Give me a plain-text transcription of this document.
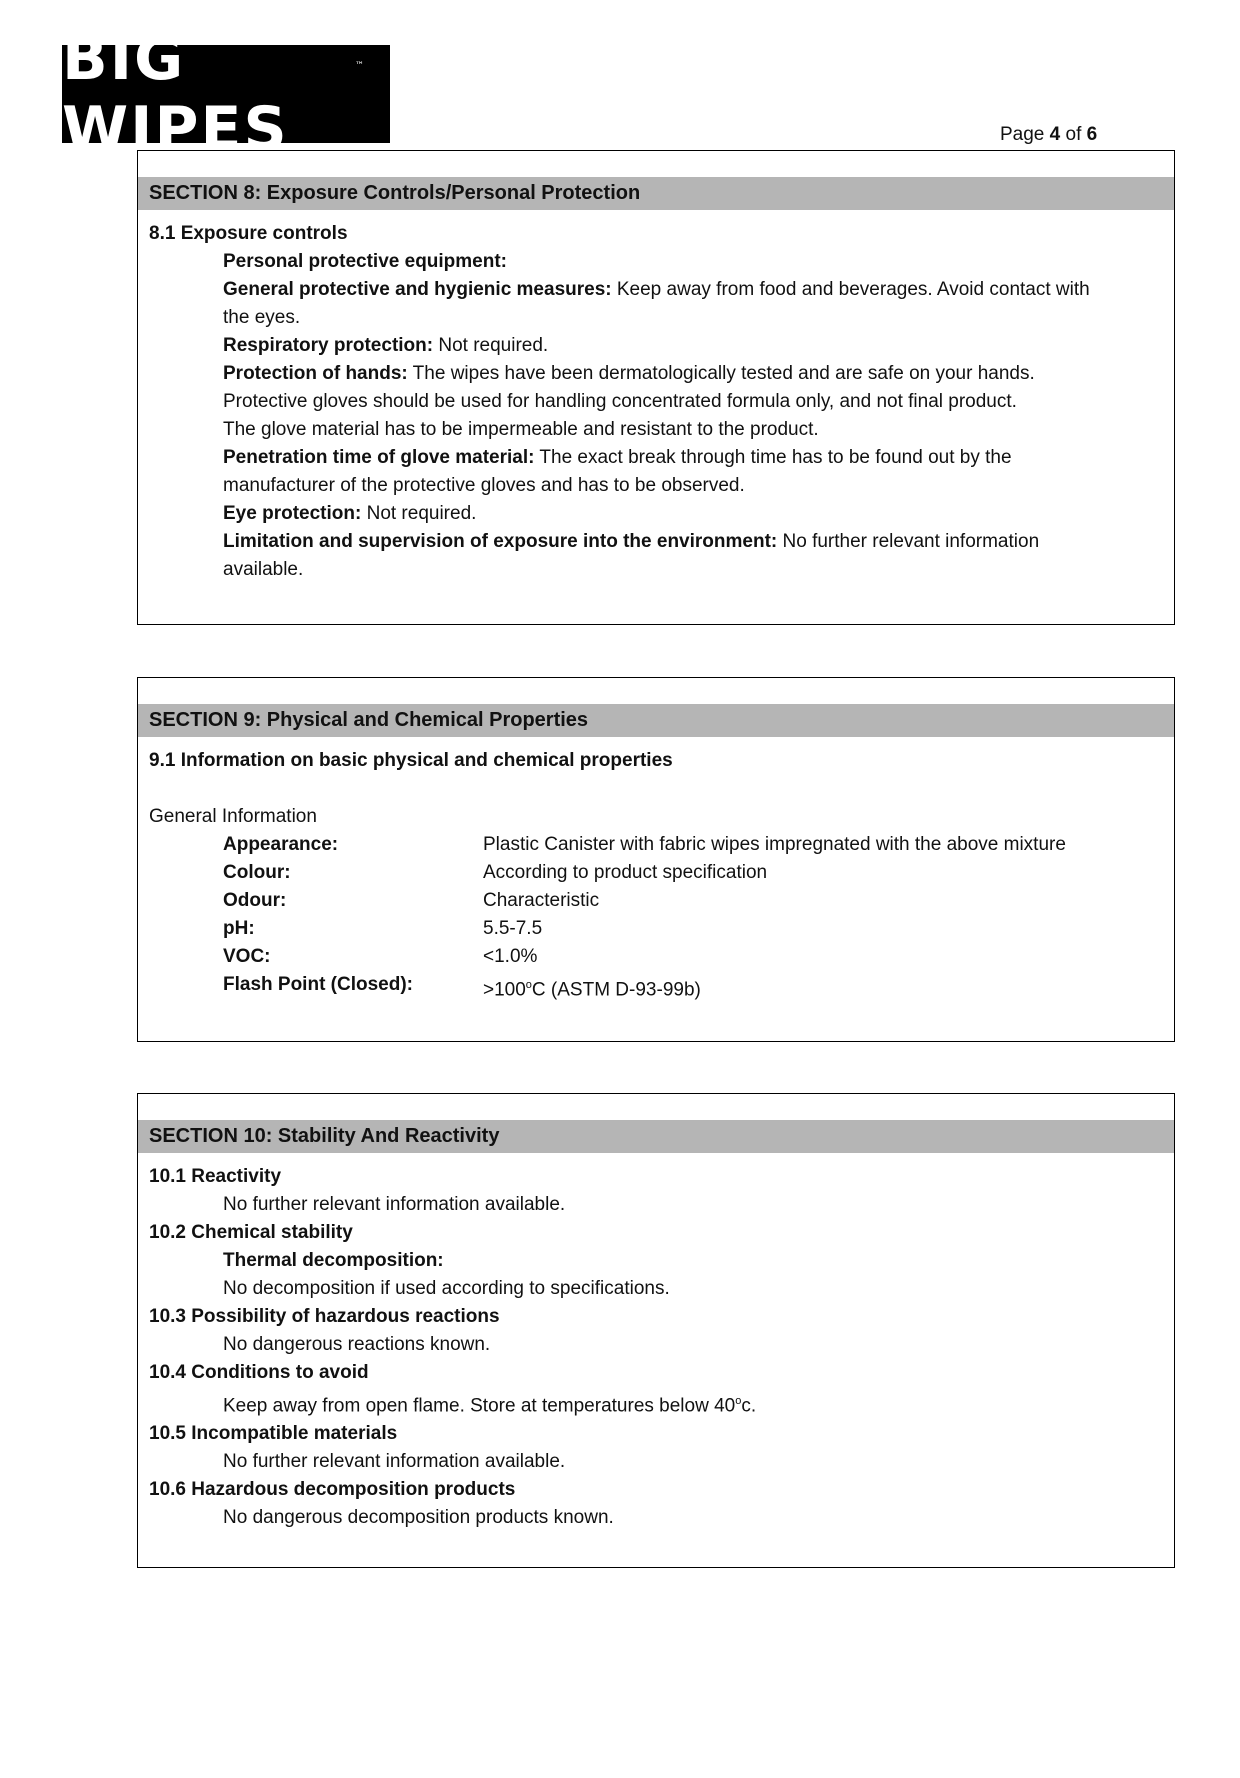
BIG WIPES
™
Page 4 of 6
SECTION 8: Exposure Controls/Personal Protection
8.1 Exposure controls
Personal protective equipment:
General protective and hygienic measures: Keep away from food and beverages. Avoid contact with
the eyes.
Respiratory protection: Not required.
Protection of hands: The wipes have been dermatologically tested and are safe on your hands.
Protective gloves should be used for handling concentrated formula only, and not final product.
The glove material has to be impermeable and resistant to the product.
Penetration time of glove material: The exact break through time has to be found out by the
manufacturer of the protective gloves and has to be observed.
Eye protection: Not required.
Limitation and supervision of exposure into the environment: No further relevant information
available.
SECTION 9: Physical and Chemical Properties
9.1 Information on basic physical and chemical properties
General Information
Appearance:	Plastic Canister with fabric wipes impregnated with the above mixture
Colour:	According to product specification
Odour:	Characteristic
pH:	5.5-7.5
VOC:	<1.0%
Flash Point (Closed):	$>100^oC$ (ASTM D-93-99b)
SECTION 10: Stability And Reactivity
10.1 Reactivity
No further relevant information available.
10.2 Chemical stability
Thermal decomposition:
No decomposition if used according to specifications.
10.3 Possibility of hazardous reactions
No dangerous reactions known.
10.4 Conditions to avoid
Keep away from open flame. Store at temperatures below 40$^o$c.
10.5 Incompatible materials
No further relevant information available.
10.6 Hazardous decomposition products
No dangerous decomposition products known.
